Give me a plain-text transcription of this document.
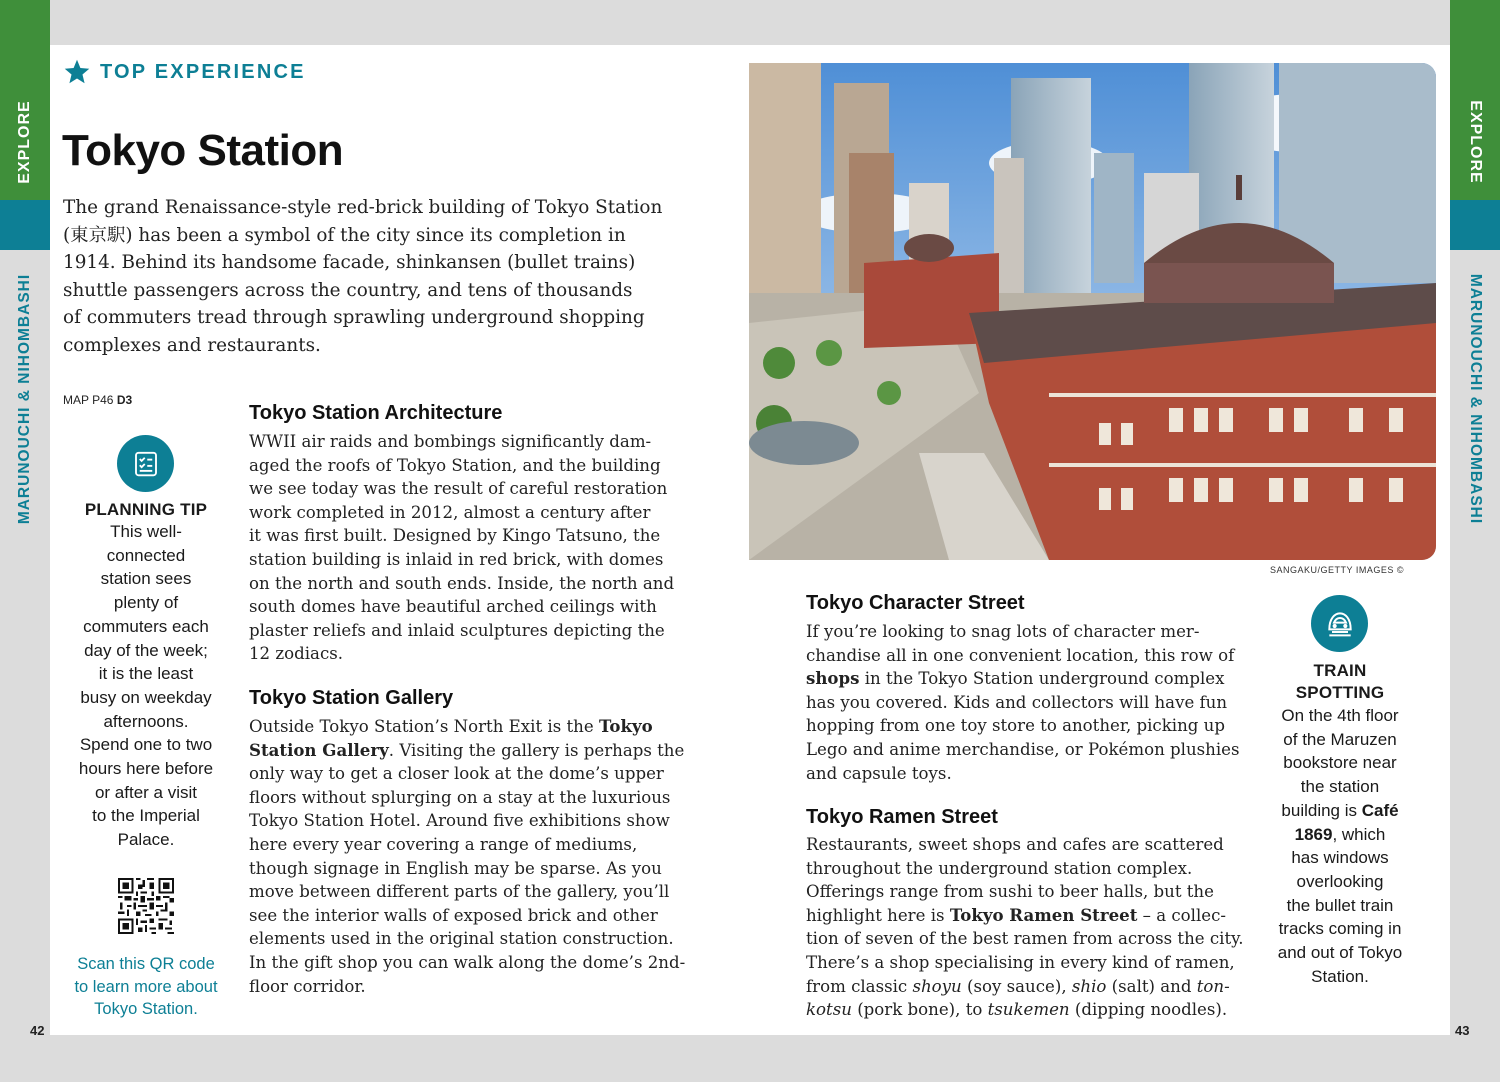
EXPLORE
MARUNOUCHI & NIHOMBASHI
EXPLORE
MARUNOUCHI & NIHOMBASHI
TOP EXPERIENCE
Tokyo Station
The grand Renaissance-style red-brick building of Tokyo Station
(東京駅) has been a symbol of the city since its completion in
1914. Behind its handsome facade, shinkansen (bullet trains)
shuttle passengers across the country, and tens of thousands
of commuters tread through sprawling underground shopping
complexes and restaurants.
MAP P46 D3
PLANNING TIP
This well-
connected
station sees
plenty of
commuters each
day of the week;
it is the least
busy on weekday
afternoons.
Spend one to two
hours here before
or after a visit
to the Imperial
Palace.
Scan this QR code
to learn more about
Tokyo Station.
Tokyo Station Architecture
WWII air raids and bombings significantly dam-
aged the roofs of Tokyo Station, and the building
we see today was the result of careful restoration
work completed in 2012, almost a century after
it was first built. Designed by Kingo Tatsuno, the
station building is inlaid in red brick, with domes
on the north and south ends. Inside, the north and
south domes have beautiful arched ceilings with
plaster reliefs and inlaid sculptures depicting the
12 zodiacs.
Tokyo Station Gallery
Outside Tokyo Station’s North Exit is the Tokyo
Station Gallery. Visiting the gallery is perhaps the
only way to get a closer look at the dome’s upper
floors without splurging on a stay at the luxurious
Tokyo Station Hotel. Around five exhibitions show
here every year covering a range of mediums,
though signage in English may be sparse. As you
move between different parts of the gallery, you’ll
see the interior walls of exposed brick and other
elements used in the original station construction.
In the gift shop you can walk along the dome’s 2nd-
floor corridor.
SANGAKU/GETTY IMAGES ©
Tokyo Character Street
If you’re looking to snag lots of character mer-
chandise all in one convenient location, this row of
shops in the Tokyo Station underground complex
has you covered. Kids and collectors will have fun
hopping from one toy store to another, picking up
Lego and anime merchandise, or Pokémon plushies
and capsule toys.
Tokyo Ramen Street
Restaurants, sweet shops and cafes are scattered
throughout the underground station complex.
Offerings range from sushi to beer halls, but the
highlight here is Tokyo Ramen Street – a collec-
tion of seven of the best ramen from across the city.
There’s a shop specialising in every kind of ramen,
from classic shoyu (soy sauce), shio (salt) and ton-
kotsu (pork bone), to tsukemen (dipping noodles).
TRAIN
SPOTTING
On the 4th floor
of the Maruzen
bookstore near
the station
building is Café
1869, which
has windows
overlooking
the bullet train
tracks coming in
and out of Tokyo
Station.
42	43
